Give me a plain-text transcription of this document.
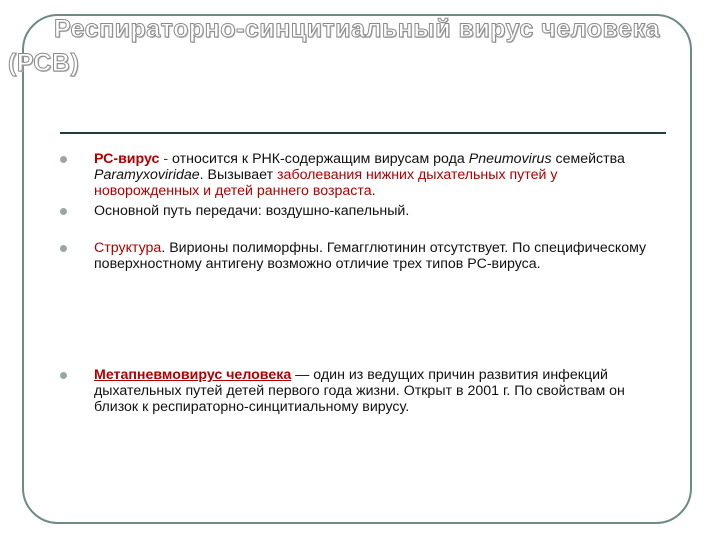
Респираторно-синцитиальный вирус человека
(РСВ)
РС-вирус - относится к РНК-содержащим вирусам рода Pneumovirus семейства Paramyxoviridae. Вызывает заболевания нижних дыхательных путей у новорожденных и детей раннего возраста.
Основной путь передачи: воздушно-капельный.
Структура. Вирионы полиморфны. Гемагглютинин отсутствует. По специфическому поверхностному антигену возможно отличие трех типов РС-вируса.
Метапневмовирус человека — один из ведущих причин развития инфекций дыхательных путей детей первого года жизни. Открыт в 2001 г. По свойствам он близок к респираторно-синцитиальному вирусу.
